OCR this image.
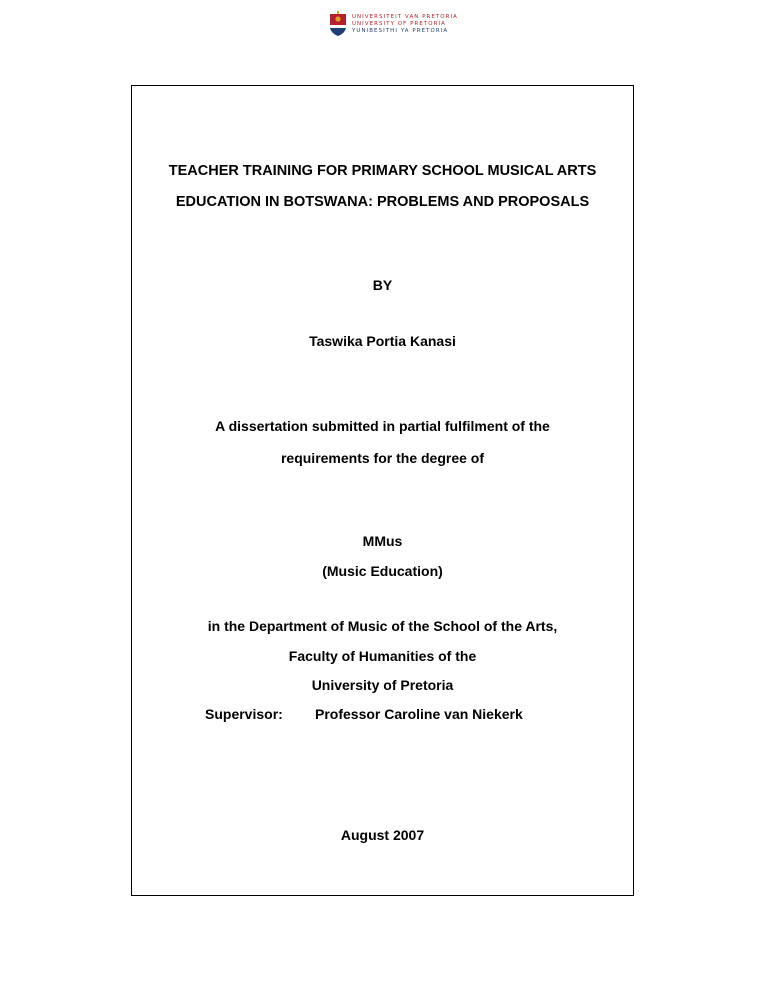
UNIVERSITEIT VAN PRETORIA
UNIVERSITY OF PRETORIA
YUNIBESITHI YA PRETORIA
TEACHER TRAINING FOR PRIMARY SCHOOL MUSICAL ARTS
EDUCATION IN BOTSWANA: PROBLEMS AND PROPOSALS
BY
Taswika Portia Kanasi
A dissertation submitted in partial fulfilment of the
requirements for the degree of
MMus
(Music Education)
in the Department of Music of the School of the Arts,
Faculty of Humanities of the
University of Pretoria
Supervisor: Professor Caroline van Niekerk
August 2007
